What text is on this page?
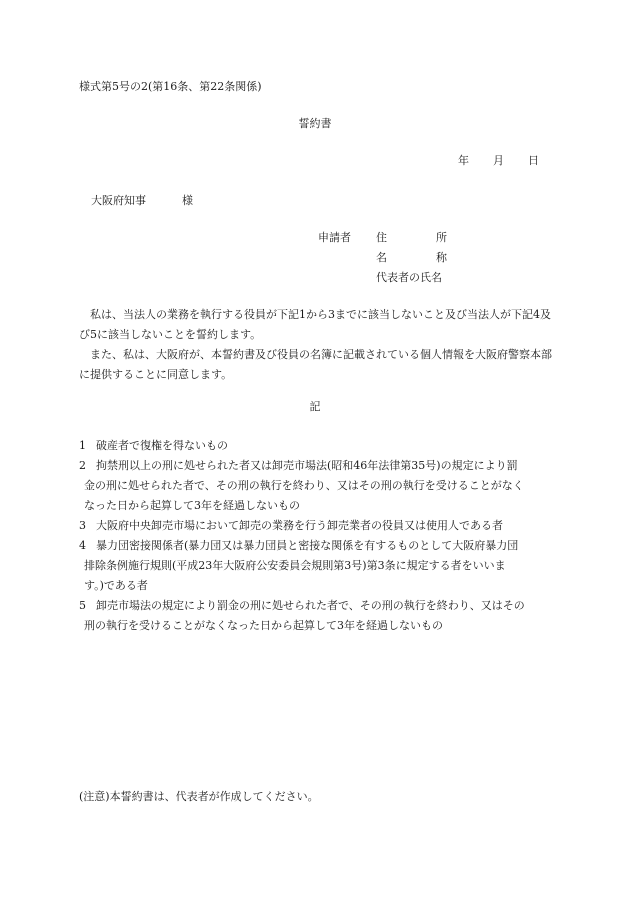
様式第5号の2(第16条、第22条関係)
誓約書
年 月 日
大阪府知事	様
申請者 住	所
名	称
代表者の氏名

私は、当法人の業務を執行する役員が下記1から3までに該当しないこと及び当法人が下記4及び5に該当しないことを誓約します。

また、私は、大阪府が、本誓約書及び役員の名簿に記載されている個人情報を大阪府警察本部に提供することに同意します。

記
1 破産者で復権を得ないもの
2 拘禁刑以上の刑に処せられた者又は卸売市場法(昭和46年法律第35号)の規定により罰
金の刑に処せられた者で、その刑の執行を終わり、又はその刑の執行を受けることがなく
なった日から起算して3年を経過しないもの
3 大阪府中央卸売市場において卸売の業務を行う卸売業者の役員又は使用人である者
4 暴力団密接関係者(暴力団又は暴力団員と密接な関係を有するものとして大阪府暴力団
排除条例施行規則(平成23年大阪府公安委員会規則第3号)第3条に規定する者をいいま
す。)である者
5 卸売市場法の規定により罰金の刑に処せられた者で、その刑の執行を終わり、又はその
刑の執行を受けることがなくなった日から起算して3年を経過しないもの
(注意)本誓約書は、代表者が作成してください。
